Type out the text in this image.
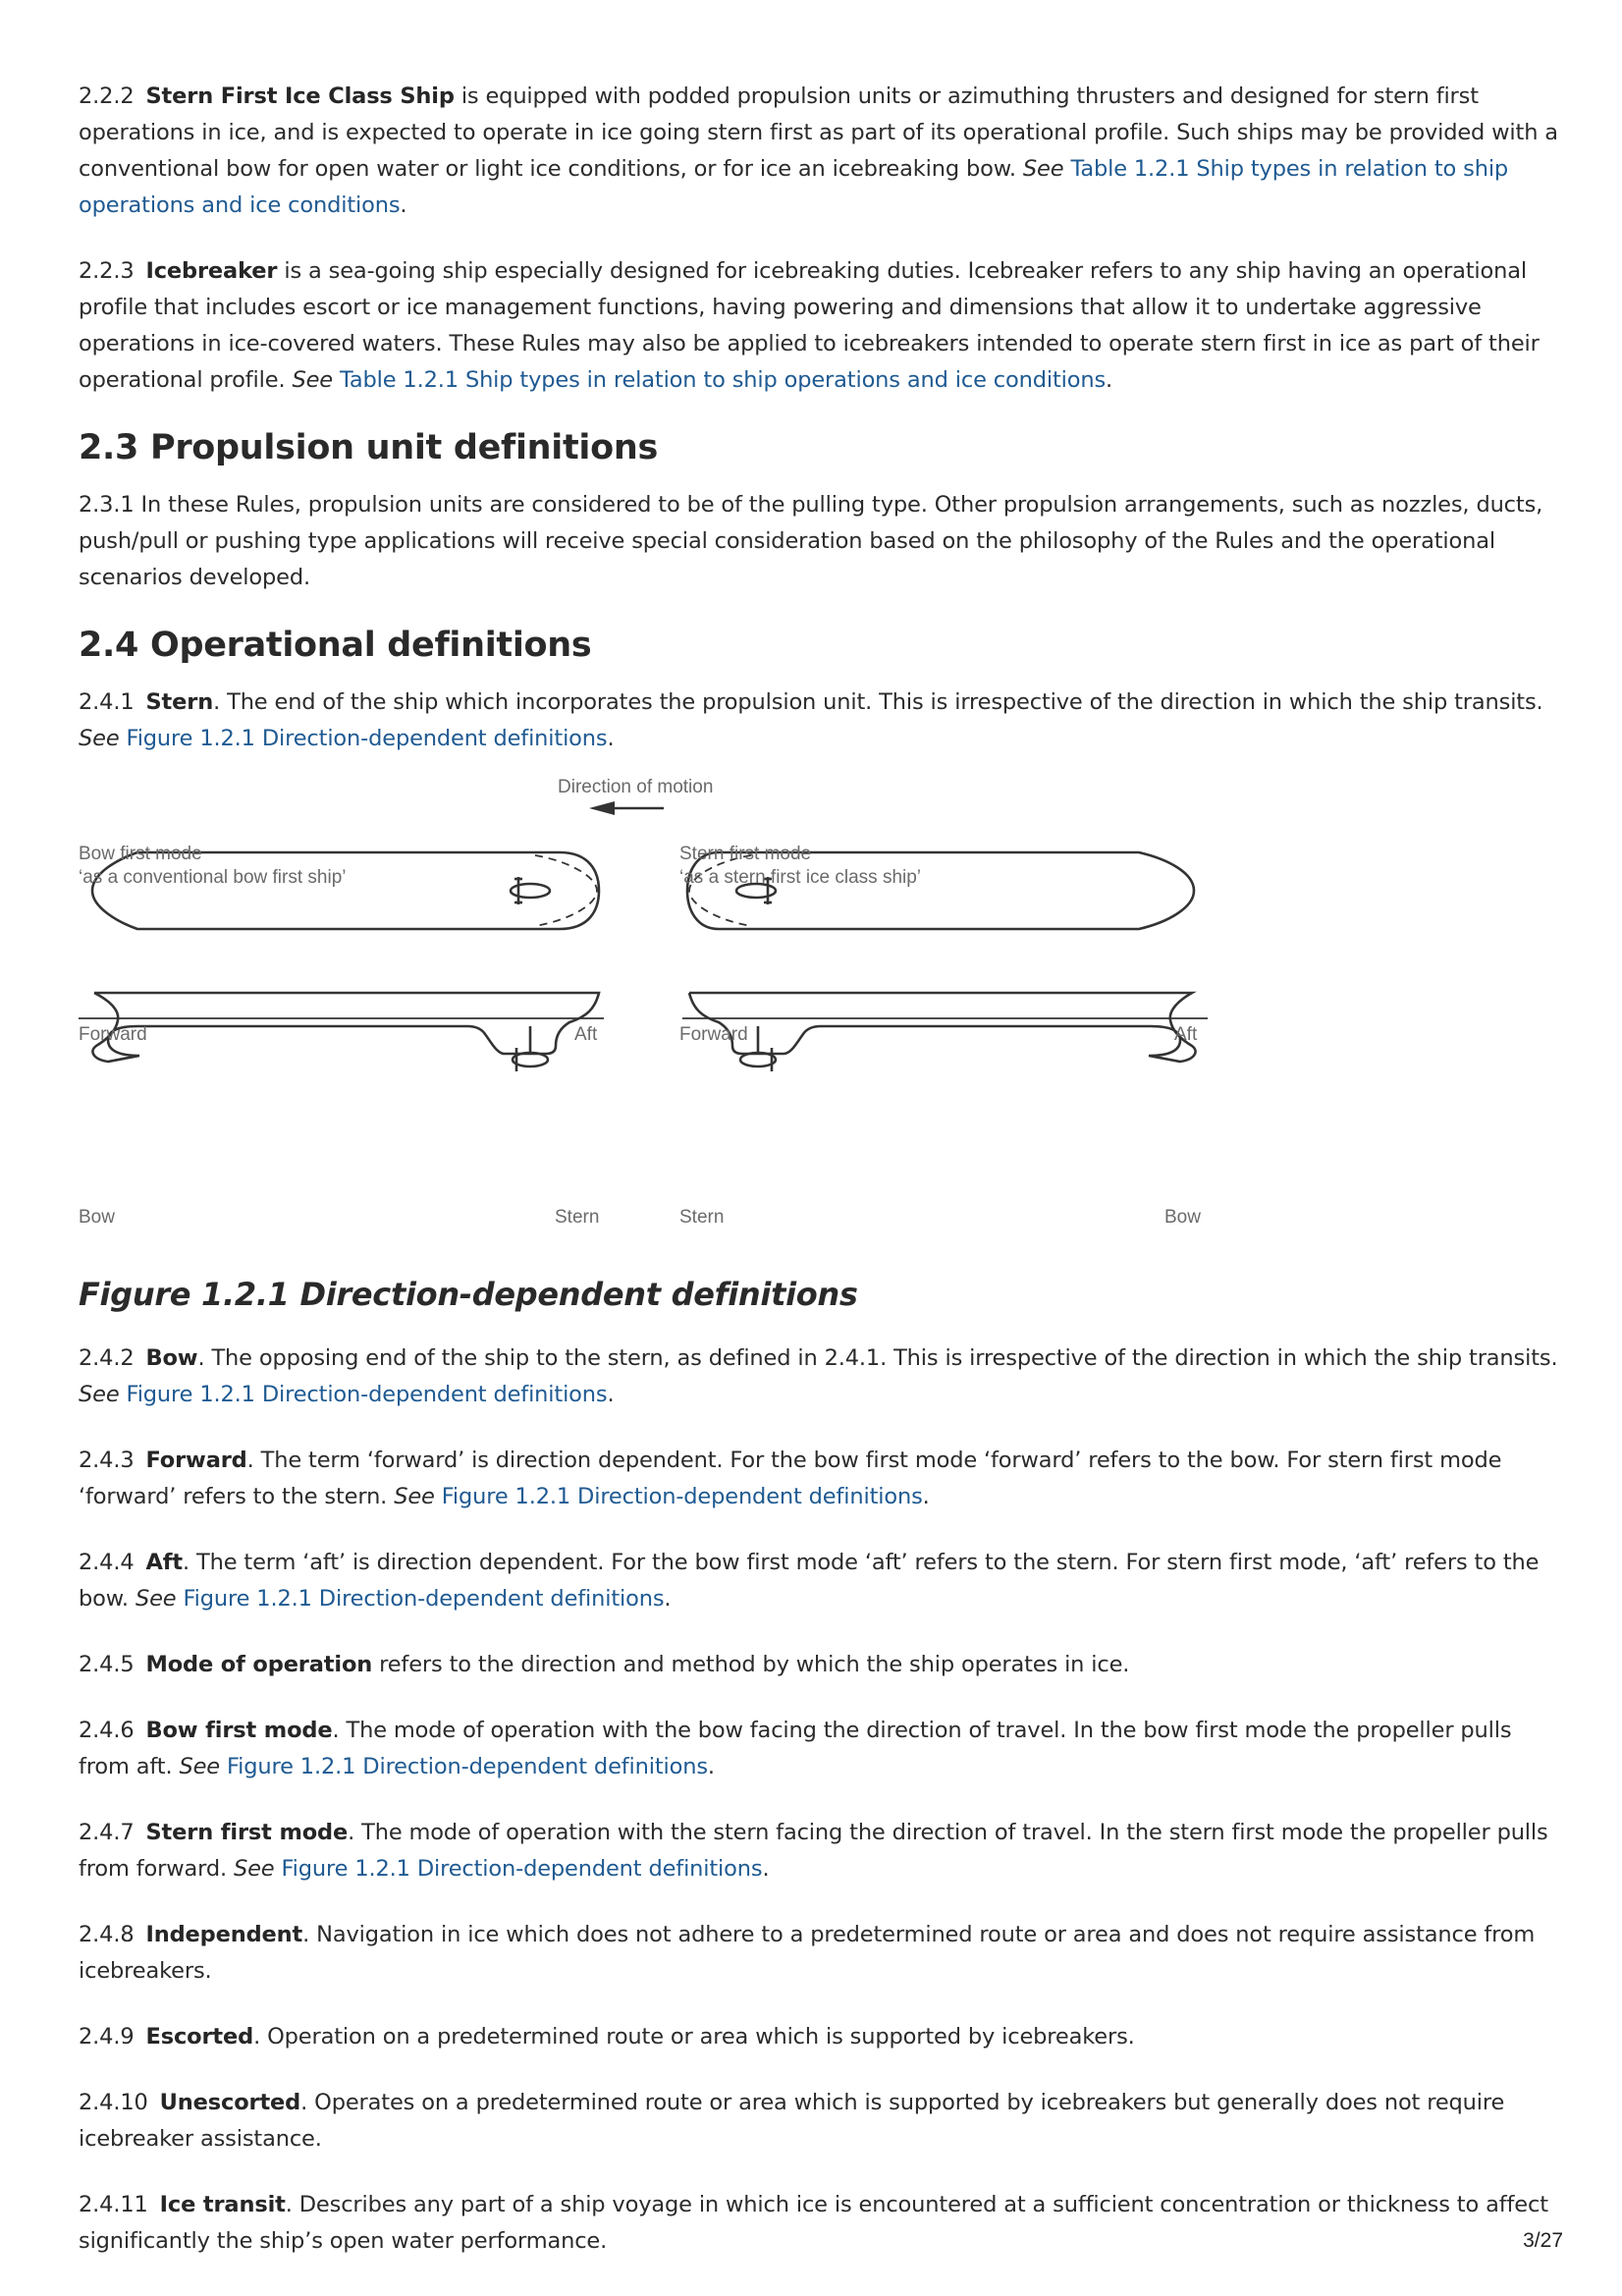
2.2.2 Stern First Ice Class Ship is equipped with podded propulsion units or azimuthing thrusters and designed for stern first operations in ice, and is expected to operate in ice going stern first as part of its operational profile. Such ships may be provided with a conventional bow for open water or light ice conditions, or for ice an icebreaking bow. See Table 1.2.1 Ship types in relation to ship operations and ice conditions.

2.2.3 Icebreaker is a sea-going ship especially designed for icebreaking duties. Icebreaker refers to any ship having an operational profile that includes escort or ice management functions, having powering and dimensions that allow it to undertake aggressive operations in ice-covered waters. These Rules may also be applied to icebreakers intended to operate stern first in ice as part of their operational profile. See Table 1.2.1 Ship types in relation to ship operations and ice conditions.

2.3 Propulsion unit definitions

2.3.1 In these Rules, propulsion units are considered to be of the pulling type. Other propulsion arrangements, such as nozzles, ducts, push/pull or pushing type applications will receive special consideration based on the philosophy of the Rules and the operational scenarios developed.

2.4 Operational definitions

2.4.1 Stern. The end of the ship which incorporates the propulsion unit. This is irrespective of the direction in which the ship transits. See Figure 1.2.1 Direction-dependent definitions.

Direction of motion
Bow first mode
‘as a conventional bow first ship’
Stern first mode
‘as a stern first ice class ship’
Forward	Aft	Forward	Aft
Bow	Stern	Stern	Bow
Figure 1.2.1 Direction-dependent definitions

2.4.2 Bow. The opposing end of the ship to the stern, as defined in 2.4.1. This is irrespective of the direction in which the ship transits. See Figure 1.2.1 Direction-dependent definitions.

2.4.3 Forward. The term ‘forward’ is direction dependent. For the bow first mode ‘forward’ refers to the bow. For stern first mode ‘forward’ refers to the stern. See Figure 1.2.1 Direction-dependent definitions.

2.4.4 Aft. The term ‘aft’ is direction dependent. For the bow first mode ‘aft’ refers to the stern. For stern first mode, ‘aft’ refers to the bow. See Figure 1.2.1 Direction-dependent definitions.

2.4.5 Mode of operation refers to the direction and method by which the ship operates in ice.

2.4.6 Bow first mode. The mode of operation with the bow facing the direction of travel. In the bow first mode the propeller pulls from aft. See Figure 1.2.1 Direction-dependent definitions.

2.4.7 Stern first mode. The mode of operation with the stern facing the direction of travel. In the stern first mode the propeller pulls from forward. See Figure 1.2.1 Direction-dependent definitions.

2.4.8 Independent. Navigation in ice which does not adhere to a predetermined route or area and does not require assistance from icebreakers.

2.4.9 Escorted. Operation on a predetermined route or area which is supported by icebreakers.

2.4.10 Unescorted. Operates on a predetermined route or area which is supported by icebreakers but generally does not require icebreaker assistance.

2.4.11 Ice transit. Describes any part of a ship voyage in which ice is encountered at a sufficient concentration or thickness to affect significantly the ship’s open water performance.	3/27
